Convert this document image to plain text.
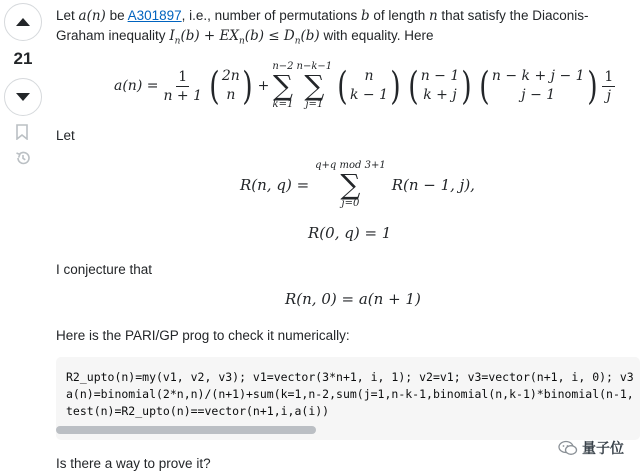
21
Let a(n) be A301897, i.e., number of permutations b of length n that satisfy the Diaconis-
Graham inequality $I_n(b) + EX_n(b) \le D_n(b)$ with equality. Here
$a(n) = \frac{1}{n + 1}$ ( 2n
n ) +
n−2
∑
k=1
n−k−1
∑
j=1 ( n
k − 1 ) ( n − 1
k + j ) ( n − k + j − 1
j − 1 ) $\frac{1}{j}$
Let
R(n, q) =
q+q mod 3+1
∑
j=0
R(n − 1, j),
R(0, q) = 1
I conjecture that
R(n, 0) = a(n + 1)
Here is the PARI/GP prog to check it numerically:
R2_upto(n)=my(v1, v2, v3); v1=vector(3*n+1, i, 1); v2=v1; v3=vector(n+1, i, 0); v3
a(n)=binomial(2*n,n)/(n+1)+sum(k=1,n-2,sum(j=1,n-k-1,binomial(n,k-1)*binomial(n-1,
test(n)=R2_upto(n)==vector(n+1,i,a(i))
量子位
Is there a way to prove it?
